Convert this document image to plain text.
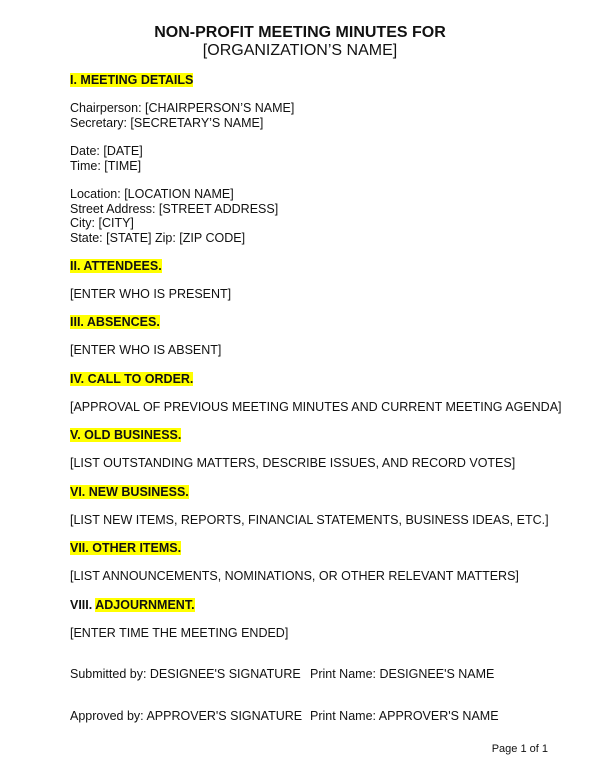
NON-PROFIT MEETING MINUTES FOR
[ORGANIZATION’S NAME]
I. MEETING DETAILS
Chairperson: [CHAIRPERSON’S NAME]
Secretary: [SECRETARY’S NAME]
Date: [DATE]
Time: [TIME]
Location: [LOCATION NAME]
Street Address: [STREET ADDRESS]
City: [CITY]
State: [STATE] Zip: [ZIP CODE]
II. ATTENDEES.
[ENTER WHO IS PRESENT]
III. ABSENCES.
[ENTER WHO IS ABSENT]
IV. CALL TO ORDER.
[APPROVAL OF PREVIOUS MEETING MINUTES AND CURRENT MEETING AGENDA]
V. OLD BUSINESS.
[LIST OUTSTANDING MATTERS, DESCRIBE ISSUES, AND RECORD VOTES]
VI. NEW BUSINESS.
[LIST NEW ITEMS, REPORTS, FINANCIAL STATEMENTS, BUSINESS IDEAS, ETC.]
VII. OTHER ITEMS.
[LIST ANNOUNCEMENTS, NOMINATIONS, OR OTHER RELEVANT MATTERS]
VIII. ADJOURNMENT.
[ENTER TIME THE MEETING ENDED]
Submitted by: DESIGNEE'S SIGNATURE Print Name: DESIGNEE'S NAME
Approved by: APPROVER'S SIGNATURE Print Name: APPROVER'S NAME
Page 1 of 1
